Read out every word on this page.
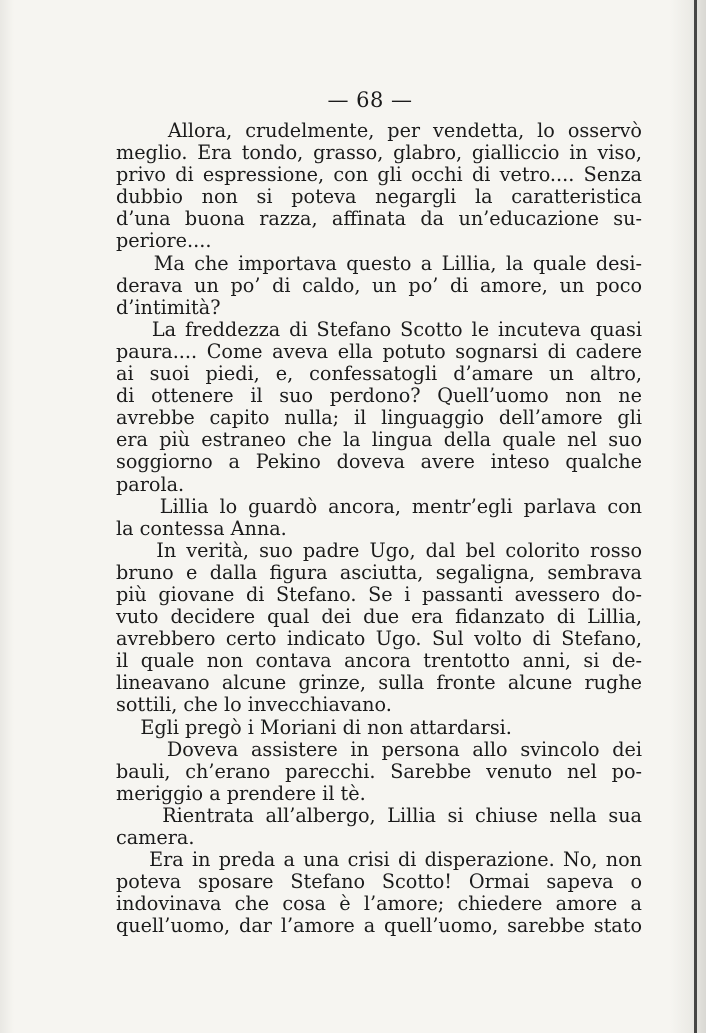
— 68 —
Allora, crudelmente, per vendetta, lo osservò
meglio. Era tondo, grasso, glabro, gialliccio in viso,
privo di espressione, con gli occhi di vetro.... Senza
dubbio non si poteva negargli la caratteristica
d’una buona razza, affinata da un’educazione su-
periore....
Ma che importava questo a Lillia, la quale desi-
derava un po’ di caldo, un po’ di amore, un poco
d’intimità?
La freddezza di Stefano Scotto le incuteva quasi
paura.... Come aveva ella potuto sognarsi di cadere
ai suoi piedi, e, confessatogli d’amare un altro,
di ottenere il suo perdono? Quell’uomo non ne
avrebbe capito nulla; il linguaggio dell’amore gli
era più estraneo che la lingua della quale nel suo
soggiorno a Pekino doveva avere inteso qualche
parola.
Lillia lo guardò ancora, mentr’egli parlava con
la contessa Anna.
In verità, suo padre Ugo, dal bel colorito rosso
bruno e dalla figura asciutta, segaligna, sembrava
più giovane di Stefano. Se i passanti avessero do-
vuto decidere qual dei due era fidanzato di Lillia,
avrebbero certo indicato Ugo. Sul volto di Stefano,
il quale non contava ancora trentotto anni, si de-
lineavano alcune grinze, sulla fronte alcune rughe
sottili, che lo invecchiavano.
Egli pregò i Moriani di non attardarsi.
Doveva assistere in persona allo svincolo dei
bauli, ch’erano parecchi. Sarebbe venuto nel po-
meriggio a prendere il tè.
Rientrata all’albergo, Lillia si chiuse nella sua
camera.
Era in preda a una crisi di disperazione. No, non
poteva sposare Stefano Scotto! Ormai sapeva o
indovinava che cosa è l’amore; chiedere amore a
quell’uomo, dar l’amore a quell’uomo, sarebbe stato
